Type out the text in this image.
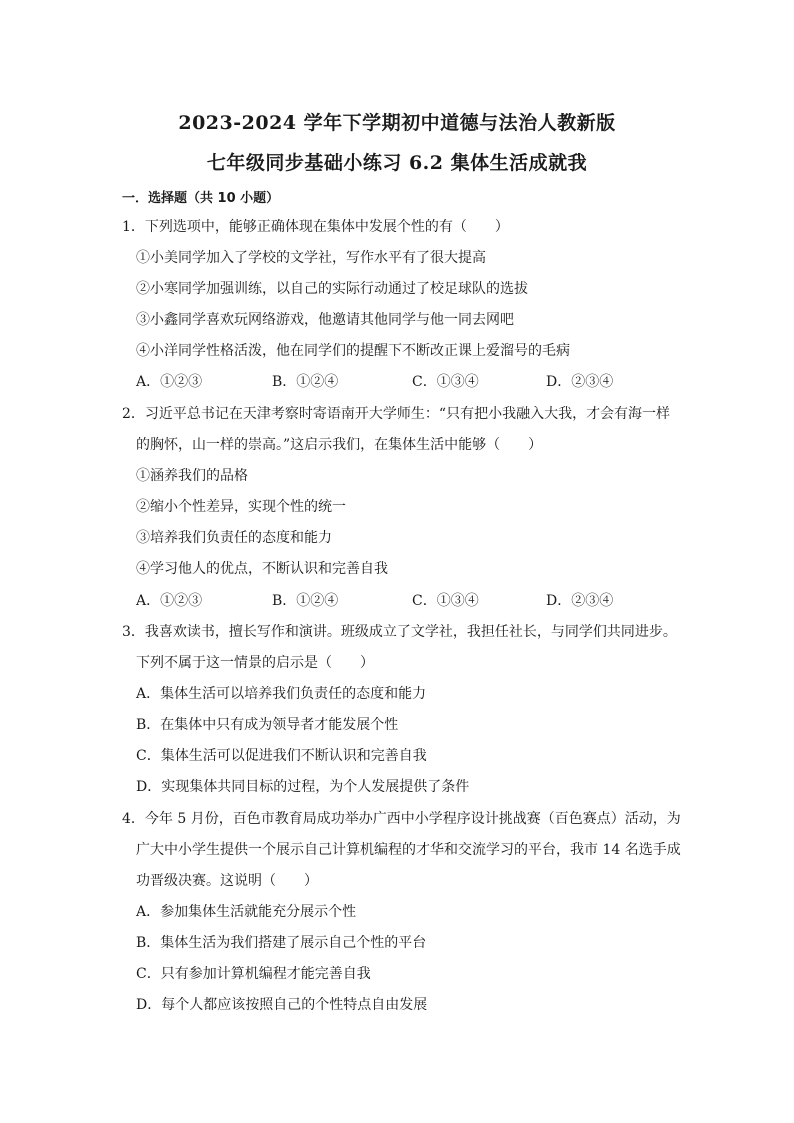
2023-2024 学年下学期初中道德与法治人教新版
七年级同步基础小练习 6.2 集体生活成就我
一．选择题（共 10 小题）
1．下列选项中，能够正确体现在集体中发展个性的有（　　）
①小美同学加入了学校的文学社，写作水平有了很大提高
②小寒同学加强训练，以自己的实际行动通过了校足球队的选拔
③小鑫同学喜欢玩网络游戏，他邀请其他同学与他一同去网吧
④小洋同学性格活泼，他在同学们的提醒下不断改正课上爱溜号的毛病
A．①②③	B．①②④	C．①③④	D．②③④
2．习近平总书记在天津考察时寄语南开大学师生：“只有把小我融入大我，才会有海一样
的胸怀，山一样的崇高。”这启示我们，在集体生活中能够（　　）
①涵养我们的品格
②缩小个性差异，实现个性的统一
③培养我们负责任的态度和能力
④学习他人的优点，不断认识和完善自我
A．①②③	B．①②④	C．①③④	D．②③④
3．我喜欢读书，擅长写作和演讲。班级成立了文学社，我担任社长，与同学们共同进步。
下列不属于这一情景的启示是（　　）
A．集体生活可以培养我们负责任的态度和能力
B．在集体中只有成为领导者才能发展个性
C．集体生活可以促进我们不断认识和完善自我
D．实现集体共同目标的过程，为个人发展提供了条件
4．今年 5 月份，百色市教育局成功举办广西中小学程序设计挑战赛（百色赛点）活动，为
广大中小学生提供一个展示自己计算机编程的才华和交流学习的平台，我市 14 名选手成
功晋级决赛。这说明（　　）
A．参加集体生活就能充分展示个性
B．集体生活为我们搭建了展示自己个性的平台
C．只有参加计算机编程才能完善自我
D．每个人都应该按照自己的个性特点自由发展
